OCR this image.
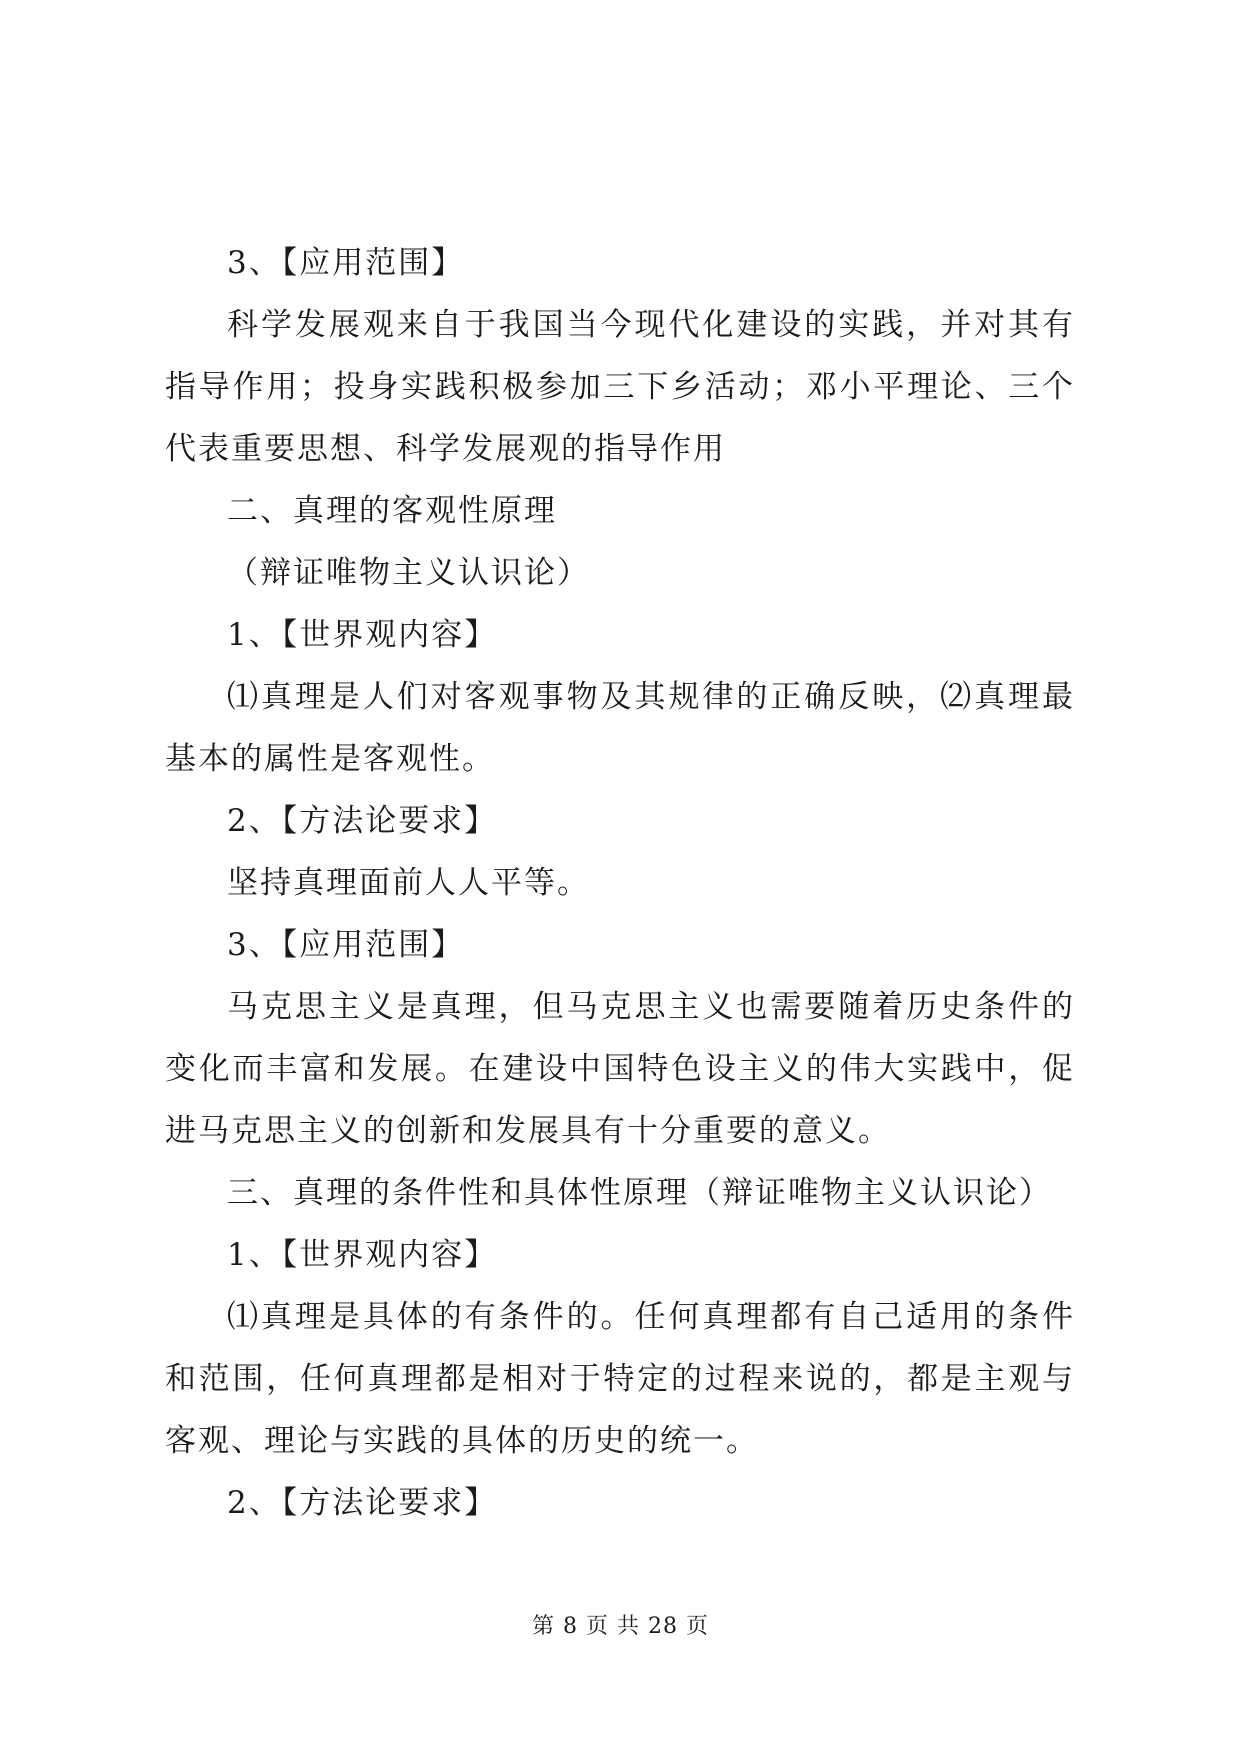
3、【应用范围】

科学发展观来自于我国当今现代化建设的实践，并对其有指导作用；投身实践积极参加三下乡活动；邓小平理论、三个代表重要思想、科学发展观的指导作用

二、真理的客观性原理

（辩证唯物主义认识论）

1、【世界观内容】

⑴真理是人们对客观事物及其规律的正确反映，⑵真理最基本的属性是客观性。

2、【方法论要求】

坚持真理面前人人平等。

3、【应用范围】

马克思主义是真理，但马克思主义也需要随着历史条件的变化而丰富和发展。在建设中国特色设主义的伟大实践中，促进马克思主义的创新和发展具有十分重要的意义。

三、真理的条件性和具体性原理（辩证唯物主义认识论）

1、【世界观内容】

⑴真理是具体的有条件的。任何真理都有自己适用的条件和范围，任何真理都是相对于特定的过程来说的，都是主观与客观、理论与实践的具体的历史的统一。

2、【方法论要求】

第 8 页 共 28 页
